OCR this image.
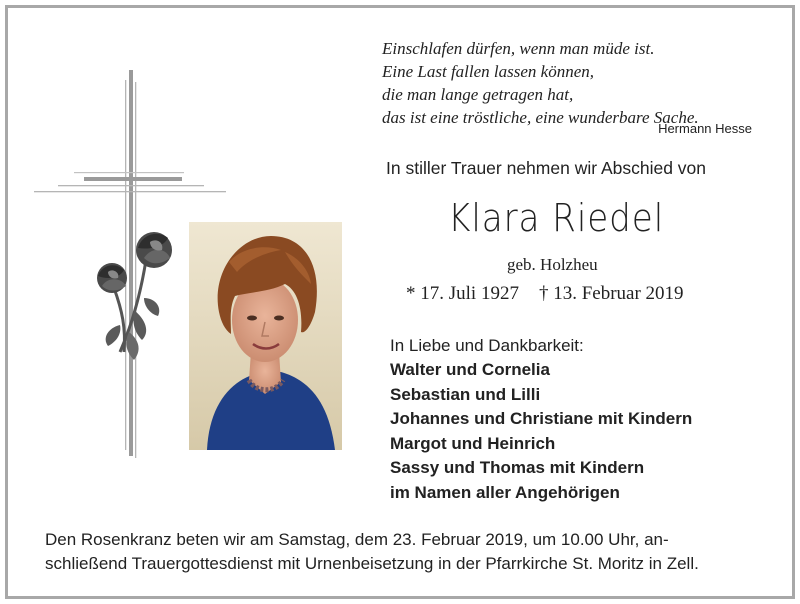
Einschlafen dürfen, wenn man müde ist.
Eine Last fallen lassen können,
die man lange getragen hat,
das ist eine tröstliche, eine wunderbare Sache.
Hermann Hesse
In stiller Trauer nehmen wir Abschied von
Klara Riedel
geb. Holzheu
* 17. Juli 1927 † 13. Februar 2019
In Liebe und Dankbarkeit:
Walter und Cornelia
Sebastian und Lilli
Johannes und Christiane mit Kindern
Margot und Heinrich
Sassy und Thomas mit Kindern
im Namen aller Angehörigen
Den Rosenkranz beten wir am Samstag, dem 23. Februar 2019, um 10.00 Uhr, an-
schließend Trauergottesdienst mit Urnenbeisetzung in der Pfarrkirche St. Moritz in Zell.
